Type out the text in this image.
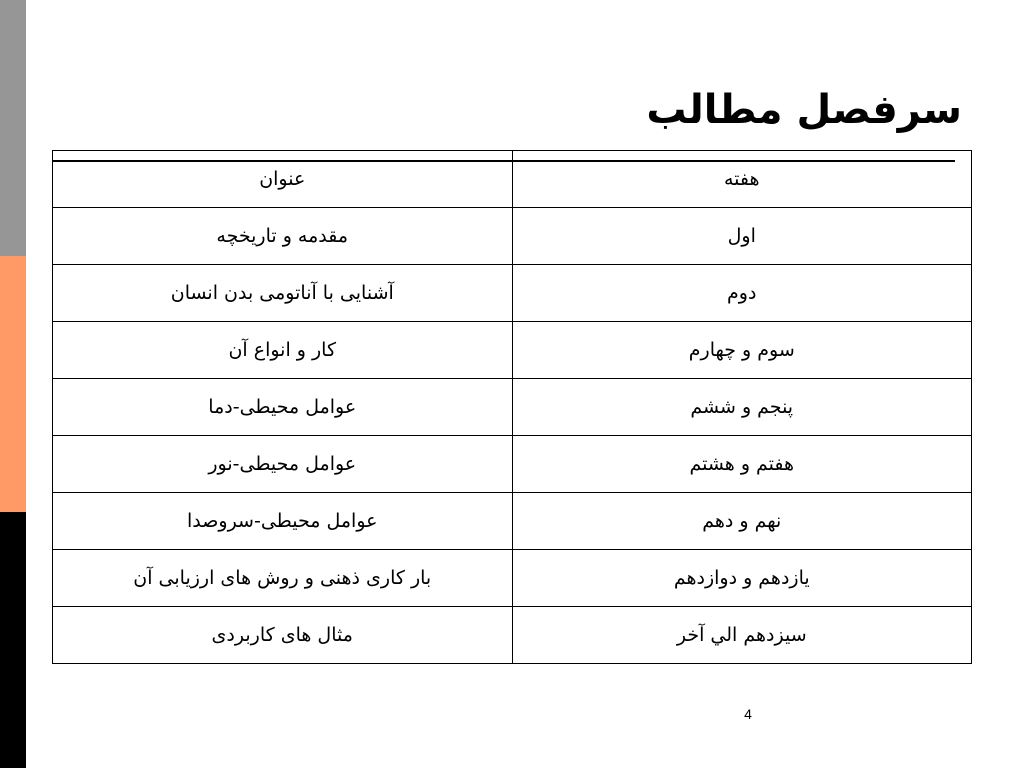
سرفصل مطالب
عنوان	هفته
مقدمه و تاریخچه	اول
آشنایی با آناتومی بدن انسان	دوم
کار و انواع آن	سوم و چهارم
عوامل محیطی-دما	پنجم و ششم
عوامل محیطی-نور	هفتم و هشتم
عوامل محیطی-سروصدا	نهم و دهم
بار کاری ذهنی و روش های ارزیابی آن	یازدهم و دوازدهم
مثال های کاربردی	سیزدهم الي آخر
4
